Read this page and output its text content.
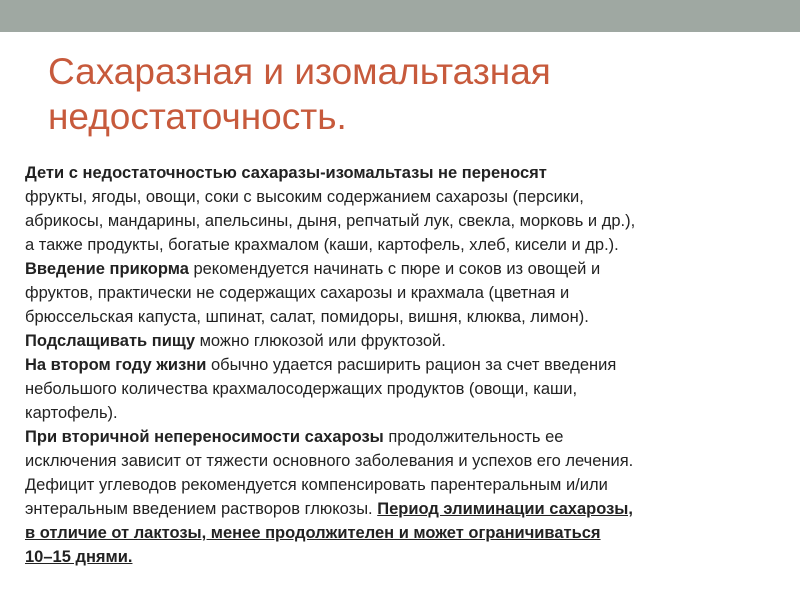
Сахаразная и изомальтазная
недостаточность.
Дети с недостаточностью сахаразы-изомальтазы не переносят
фрукты, ягоды, овощи, соки с высоким содержанием сахарозы (персики,
абрикосы, мандарины, апельсины, дыня, репчатый лук, свекла, морковь и др.),
а также продукты, богатые крахмалом (каши, картофель, хлеб, кисели и др.).
Введение прикорма рекомендуется начинать с пюре и соков из овощей и
фруктов, практически не содержащих сахарозы и крахмала (цветная и
брюссельская капуста, шпинат, салат, помидоры, вишня, клюква, лимон).
Подслащивать пищу можно глюкозой или фруктозой.
На втором году жизни обычно удается расширить рацион за счет введения
небольшого количества крахмалосодержащих продуктов (овощи, каши,
картофель).
При вторичной непереносимости сахарозы продолжительность ее
исключения зависит от тяжести основного заболевания и успехов его лечения.
Дефицит углеводов рекомендуется компенсировать парентеральным и/или
энтеральным введением растворов глюкозы. Период элиминации сахарозы,
в отличие от лактозы, менее продолжителен и может ограничиваться
10–15 днями.
